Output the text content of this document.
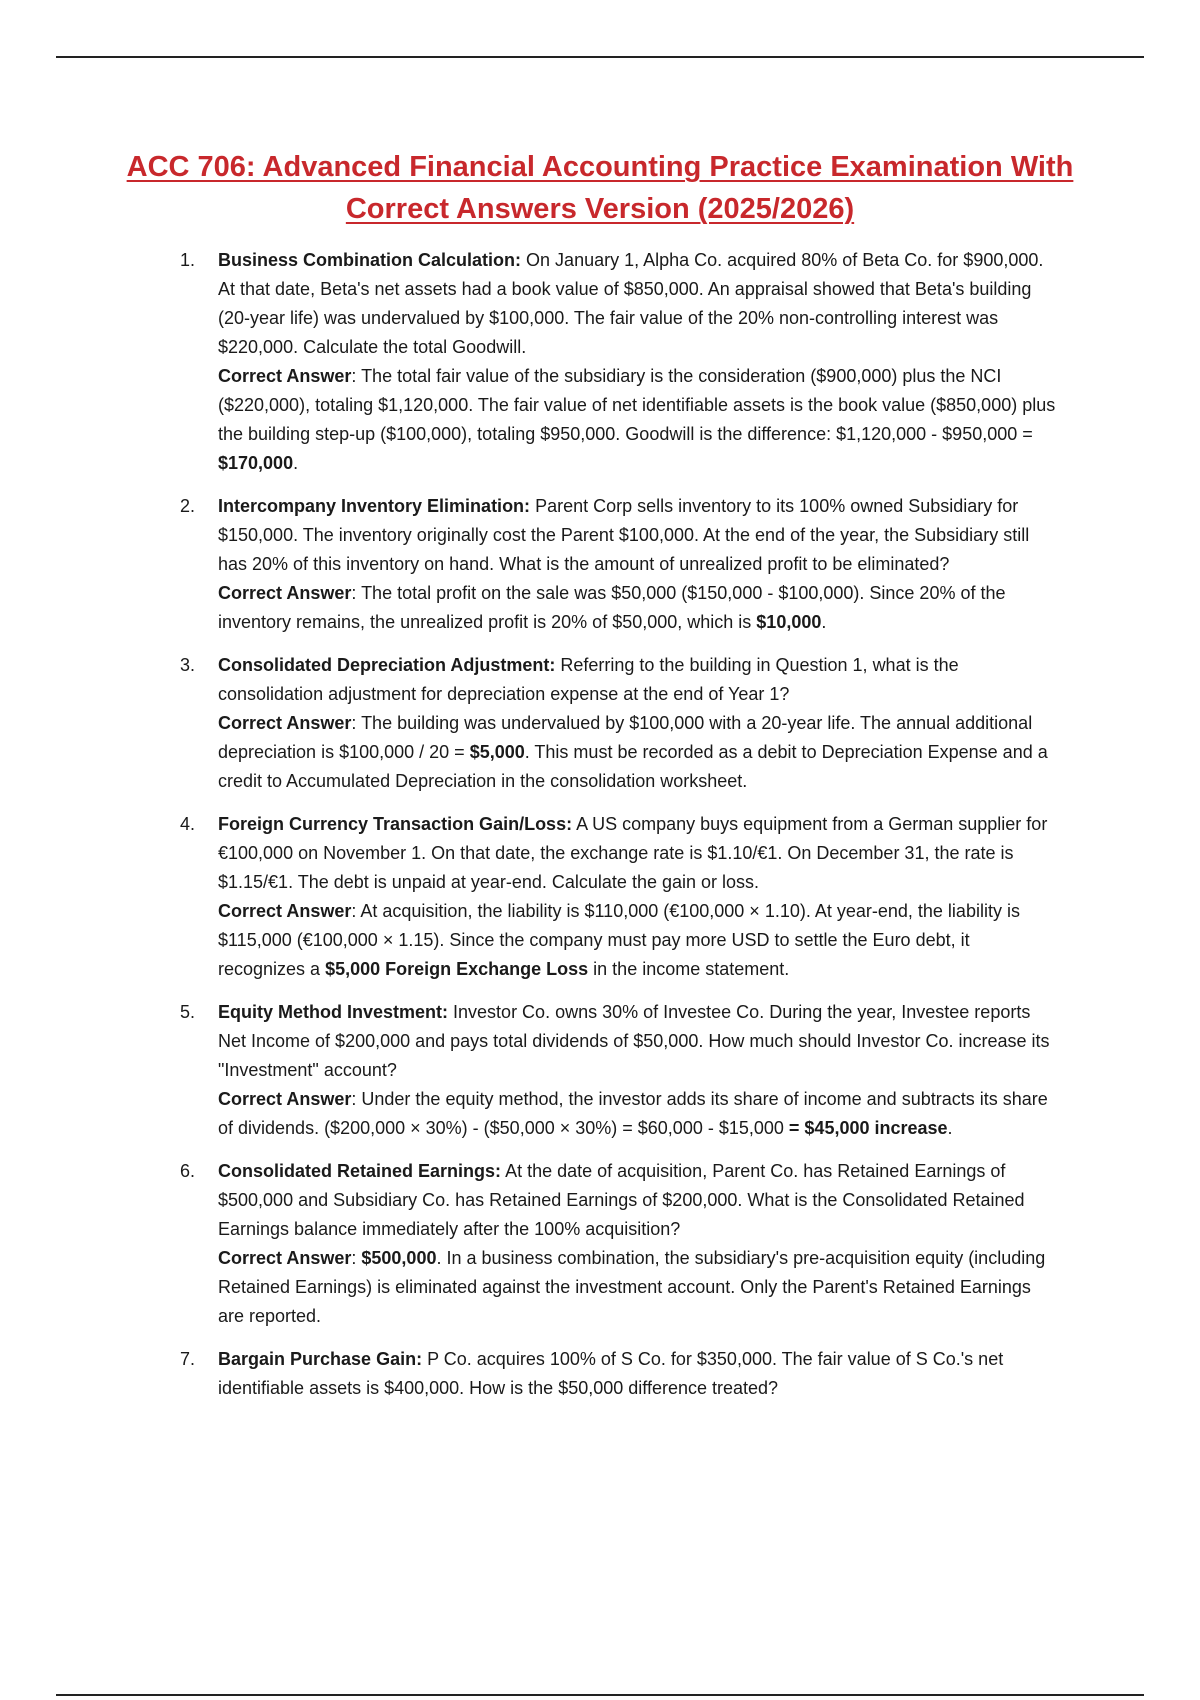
ACC 706: Advanced Financial Accounting Practice Examination With
Correct Answers Version (2025/2026)
1. Business Combination Calculation: On January 1, Alpha Co. acquired 80% of Beta Co. for $900,000. At that date, Beta's net assets had a book value of $850,000. An appraisal showed that Beta's building (20-year life) was undervalued by $100,000. The fair value of the 20% non-controlling interest was $220,000. Calculate the total Goodwill.
Correct Answer: The total fair value of the subsidiary is the consideration ($900,000) plus the NCI ($220,000), totaling $1,120,000. The fair value of net identifiable assets is the book value ($850,000) plus the building step-up ($100,000), totaling $950,000. Goodwill is the difference: $1,120,000 - $950,000 = $170,000.
2. Intercompany Inventory Elimination: Parent Corp sells inventory to its 100% owned Subsidiary for $150,000. The inventory originally cost the Parent $100,000. At the end of the year, the Subsidiary still has 20% of this inventory on hand. What is the amount of unrealized profit to be eliminated?
Correct Answer: The total profit on the sale was $50,000 ($150,000 - $100,000). Since 20% of the inventory remains, the unrealized profit is 20% of $50,000, which is $10,000.
3. Consolidated Depreciation Adjustment: Referring to the building in Question 1, what is the consolidation adjustment for depreciation expense at the end of Year 1?
Correct Answer: The building was undervalued by $100,000 with a 20-year life. The annual additional depreciation is $100,000 / 20 = $5,000. This must be recorded as a debit to Depreciation Expense and a credit to Accumulated Depreciation in the consolidation worksheet.
4. Foreign Currency Transaction Gain/Loss: A US company buys equipment from a German supplier for €100,000 on November 1. On that date, the exchange rate is $1.10/€1. On December 31, the rate is $1.15/€1. The debt is unpaid at year-end. Calculate the gain or loss.
Correct Answer: At acquisition, the liability is $110,000 (€100,000 × 1.10). At year-end, the liability is $115,000 (€100,000 × 1.15). Since the company must pay more USD to settle the Euro debt, it recognizes a $5,000 Foreign Exchange Loss in the income statement.
5. Equity Method Investment: Investor Co. owns 30% of Investee Co. During the year, Investee reports Net Income of $200,000 and pays total dividends of $50,000. How much should Investor Co. increase its "Investment" account?
Correct Answer: Under the equity method, the investor adds its share of income and subtracts its share of dividends. ($200,000 × 30%) - ($50,000 × 30%) = $60,000 - $15,000 = $45,000 increase.
6. Consolidated Retained Earnings: At the date of acquisition, Parent Co. has Retained Earnings of $500,000 and Subsidiary Co. has Retained Earnings of $200,000. What is the Consolidated Retained Earnings balance immediately after the 100% acquisition?
Correct Answer: $500,000. In a business combination, the subsidiary's pre-acquisition equity (including Retained Earnings) is eliminated against the investment account. Only the Parent's Retained Earnings are reported.
7. Bargain Purchase Gain: P Co. acquires 100% of S Co. for $350,000. The fair value of S Co.'s net identifiable assets is $400,000. How is the $50,000 difference treated?
